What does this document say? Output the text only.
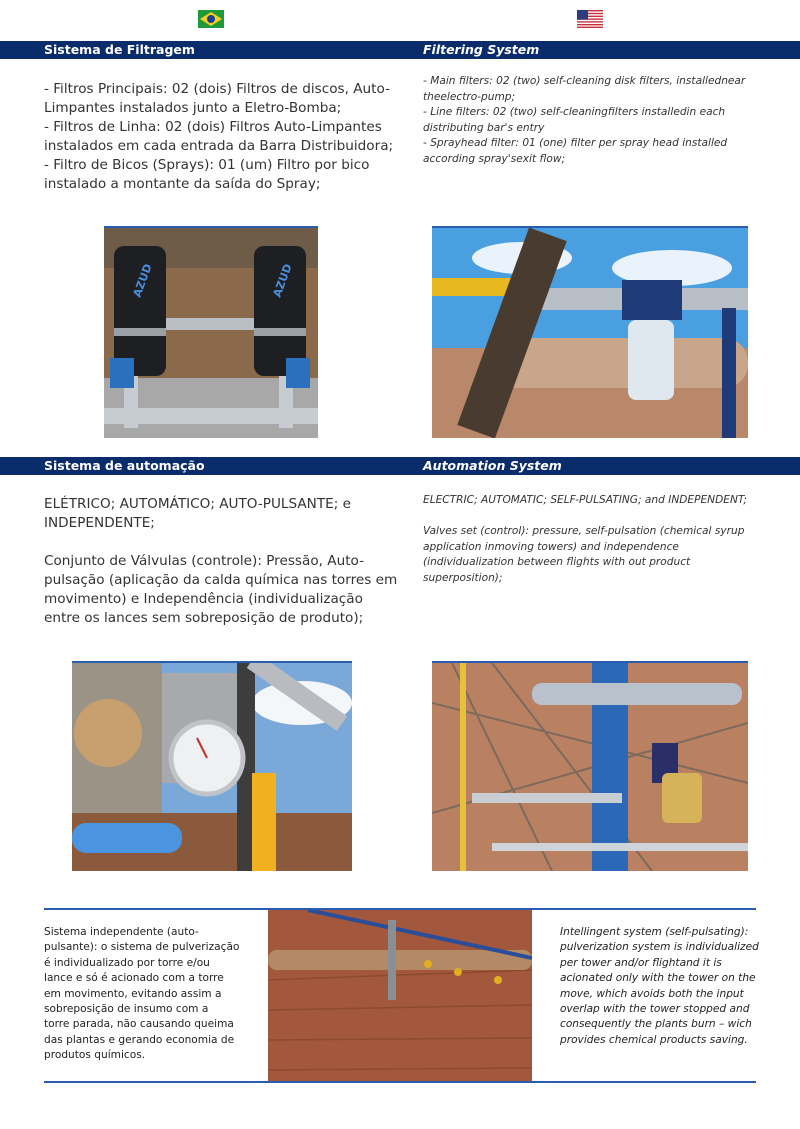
Sistema de Filtragem	Filtering System
- Filtros Principais: 02 (dois) Filtros de discos, Auto-
Limpantes instalados junto a Eletro-Bomba;
- Filtros de Linha: 02 (dois) Filtros Auto-Limpantes
instalados em cada entrada da Barra Distribuidora;
- Filtro de Bicos (Sprays): 01 (um) Filtro por bico
instalado a montante da saída do Spray;
- Main filters: 02 (two) self-cleaning disk filters, installednear
theelectro-pump;
- Line filters: 02 (two) self-cleaningfilters installedin each
distributing bar's entry
- Sprayhead filter: 01 (one) filter per spray head installed
according spray'sexit flow;
AZUD	AZUD
Sistema de automação	Automation System
ELÉTRICO; AUTOMÁTICO; AUTO-PULSANTE; e
INDEPENDENTE;
Conjunto de Válvulas (controle): Pressão, Auto-
pulsação (aplicação da calda química nas torres em
movimento) e Independência (individualização
entre os lances sem sobreposição de produto);
ELECTRIC; AUTOMATIC; SELF-PULSATING; and INDEPENDENT;
Valves set (control): pressure, self-pulsation (chemical syrup
application inmoving towers) and independence
(individualization between flights with out product
superposition);
Sistema independente (auto-
pulsante): o sistema de pulverização
é individualizado por torre e/ou
lance e só é acionado com a torre
em movimento, evitando assim a
sobreposição de insumo com a
torre parada, não causando queima
das plantas e gerando economia de
produtos químicos.
Intellingent system (self-pulsating):
pulverization system is individualized
per tower and/or flightand it is
acionated only with the tower on the
move, which avoids both the input
overlap with the tower stopped and
consequently the plants burn – wich
provides chemical products saving.
